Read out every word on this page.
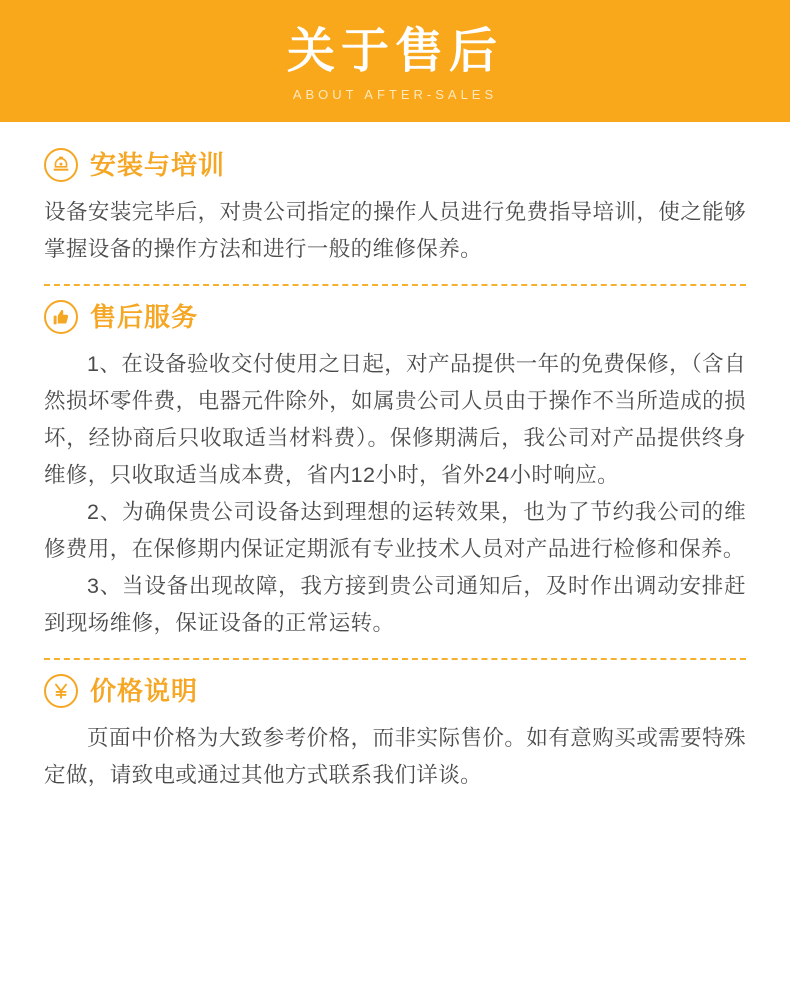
关于售后
ABOUT AFTER-SALES
安装与培训

设备安装完毕后，对贵公司指定的操作人员进行免费指导培训，使之能够掌握设备的操作方法和进行一般的维修保养。

售后服务

1、在设备验收交付使用之日起，对产品提供一年的免费保修，（含自然损坏零件费，电器元件除外，如属贵公司人员由于操作不当所造成的损坏，经协商后只收取适当材料费）。保修期满后，我公司对产品提供终身维修，只收取适当成本费，省内12小时，省外24小时响应。

2、为确保贵公司设备达到理想的运转效果，也为了节约我公司的维修费用，在保修期内保证定期派有专业技术人员对产品进行检修和保养。

3、当设备出现故障，我方接到贵公司通知后，及时作出调动安排赶到现场维修，保证设备的正常运转。

价格说明

页面中价格为大致参考价格，而非实际售价。如有意购买或需要特殊定做，请致电或通过其他方式联系我们详谈。
